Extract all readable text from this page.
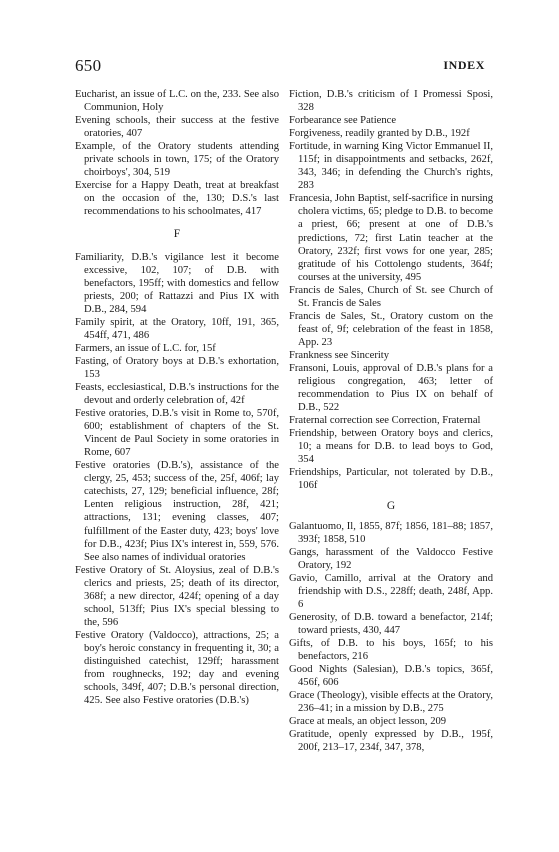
650	INDEX

Eucharist, an issue of L.C. on the, 233. See also Communion, Holy

Evening schools, their success at the festive oratories, 407

Example, of the Oratory students attending private schools in town, 175; of the Oratory choirboys', 304, 519

Exercise for a Happy Death, treat at breakfast on the occasion of the, 130; D.S.'s last recommendations to his schoolmates, 417

F

Familiarity, D.B.'s vigilance lest it become excessive, 102, 107; of D.B. with benefactors, 195ff; with domestics and fellow priests, 200; of Rattazzi and Pius IX with D.B., 284, 594

Family spirit, at the Oratory, 10ff, 191, 365, 454ff, 471, 486

Farmers, an issue of L.C. for, 15f

Fasting, of Oratory boys at D.B.'s exhortation, 153

Feasts, ecclesiastical, D.B.'s instructions for the devout and orderly celebration of, 42f

Festive oratories, D.B.'s visit in Rome to, 570f, 600; establishment of chapters of the St. Vincent de Paul Society in some oratories in Rome, 607

Festive oratories (D.B.'s), assistance of the clergy, 25, 453; success of the, 25f, 406f; lay catechists, 27, 129; beneficial influence, 28f; Lenten religious instruction, 28f, 421; attractions, 131; evening classes, 407; fulfillment of the Easter duty, 423; boys' love for D.B., 423f; Pius IX's interest in, 559, 576. See also names of individual oratories

Festive Oratory of St. Aloysius, zeal of D.B.'s clerics and priests, 25; death of its director, 368f; a new director, 424f; opening of a day school, 513ff; Pius IX's special blessing to the, 596

Festive Oratory (Valdocco), attractions, 25; a boy's heroic constancy in frequenting it, 30; a distinguished catechist, 129ff; harassment from roughnecks, 192; day and evening schools, 349f, 407; D.B.'s personal direction, 425. See also Festive oratories (D.B.'s)

Fiction, D.B.'s criticism of I Promessi Sposi, 328

Forbearance see Patience

Forgiveness, readily granted by D.B., 192f

Fortitude, in warning King Victor Emmanuel II, 115f; in disappointments and setbacks, 262f, 343, 346; in defending the Church's rights, 283

Francesia, John Baptist, self-sacrifice in nursing cholera victims, 65; pledge to D.B. to become a priest, 66; present at one of D.B.'s predictions, 72; first Latin teacher at the Oratory, 232f; first vows for one year, 285; gratitude of his Cottolengo students, 364f; courses at the university, 495

Francis de Sales, Church of St. see Church of St. Francis de Sales

Francis de Sales, St., Oratory custom on the feast of, 9f; celebration of the feast in 1858, App. 23

Frankness see Sincerity

Fransoni, Louis, approval of D.B.'s plans for a religious congregation, 463; letter of recommendation to Pius IX on behalf of D.B., 522

Fraternal correction see Correction, Fraternal

Friendship, between Oratory boys and clerics, 10; a means for D.B. to lead boys to God, 354

Friendships, Particular, not tolerated by D.B., 106f

G

Galantuomo, Il, 1855, 87f; 1856, 181–88; 1857, 393f; 1858, 510

Gangs, harassment of the Valdocco Festive Oratory, 192

Gavio, Camillo, arrival at the Oratory and friendship with D.S., 228ff; death, 248f, App. 6

Generosity, of D.B. toward a benefactor, 214f; toward priests, 430, 447

Gifts, of D.B. to his boys, 165f; to his benefactors, 216

Good Nights (Salesian), D.B.'s topics, 365f, 456f, 606

Grace (Theology), visible effects at the Oratory, 236–41; in a mission by D.B., 275

Grace at meals, an object lesson, 209

Gratitude, openly expressed by D.B., 195f, 200f, 213–17, 234f, 347, 378,
